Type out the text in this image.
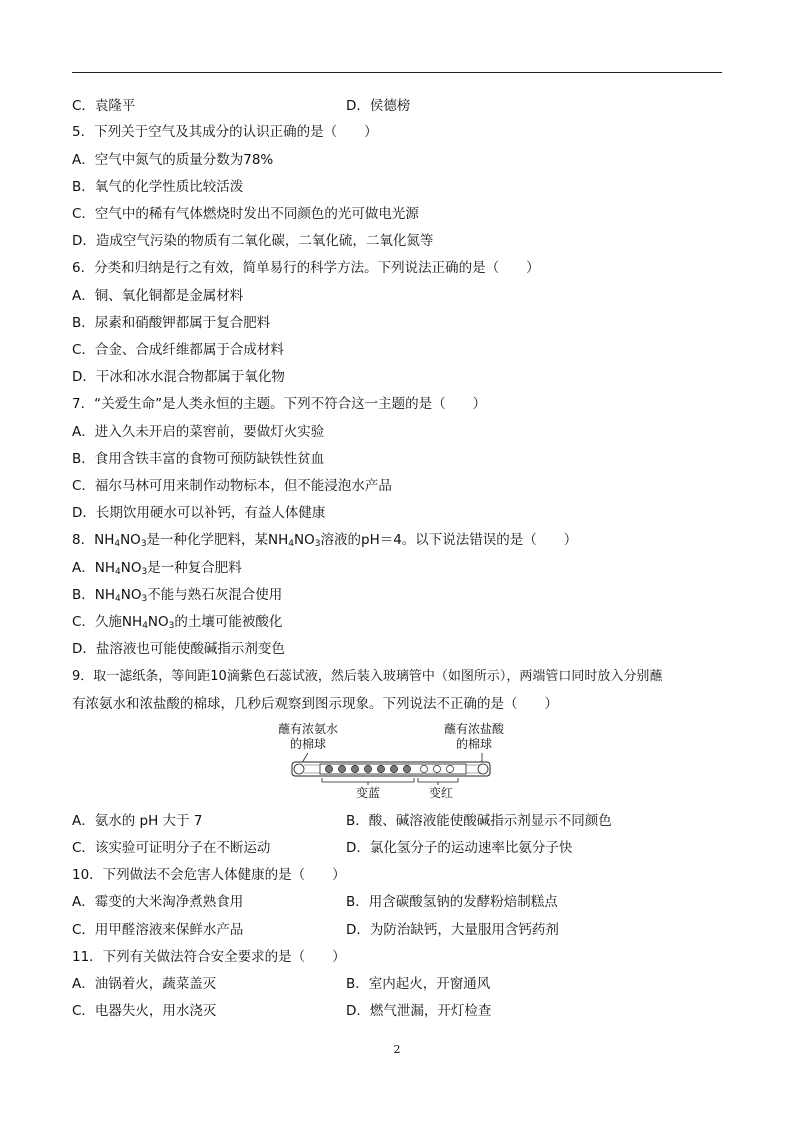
C．袁隆平	D．侯德榜
5．下列关于空气及其成分的认识正确的是（　　）
A．空气中氮气的质量分数为78%
B．氧气的化学性质比较活泼
C．空气中的稀有气体燃烧时发出不同颜色的光可做电光源
D．造成空气污染的物质有二氧化碳，二氧化硫，二氧化氮等
6．分类和归纳是行之有效，简单易行的科学方法。下列说法正确的是（　　）
A．铜、氧化铜都是金属材料
B．尿素和硝酸钾都属于复合肥料
C．合金、合成纤维都属于合成材料
D．干冰和冰水混合物都属于氧化物
7．“关爱生命”是人类永恒的主题。下列不符合这一主题的是（　　）
A．进入久未开启的菜窖前，要做灯火实验
B．食用含铁丰富的食物可预防缺铁性贫血
C．福尔马林可用来制作动物标本，但不能浸泡水产品
D．长期饮用硬水可以补钙，有益人体健康
8．$NH_4NO_3$是一种化学肥料，某$NH_4NO_3$溶液的pH＝4。以下说法错误的是（　　）
A．$NH_4NO_3$是一种复合肥料
B．$NH_4NO_3$不能与熟石灰混合使用
C．久施$NH_4NO_3$的土壤可能被酸化
D．盐溶液也可能使酸碱指示剂变色
9．取一滤纸条，等间距10滴紫色石蕊试液，然后装入玻璃管中（如图所示），两端管口同时放入分别蘸
有浓氨水和浓盐酸的棉球，几秒后观察到图示现象。下列说法不正确的是（　　）
蘸有浓氨水
的棉球
蘸有浓盐酸
的棉球
变蓝	变红
A．氨水的 pH 大于 7	B．酸、碱溶液能使酸碱指示剂显示不同颜色
C．该实验可证明分子在不断运动	D．氯化氢分子的运动速率比氨分子快
10．下列做法不会危害人体健康的是（　　）
A．霉变的大米淘净煮熟食用	B．用含碳酸氢钠的发酵粉焙制糕点
C．用甲醛溶液来保鲜水产品	D．为防治缺钙，大量服用含钙药剂
11．下列有关做法符合安全要求的是（　　）
A．油锅着火，蔬菜盖灭	B．室内起火，开窗通风
C．电器失火，用水浇灭	D．燃气泄漏，开灯检查
2
